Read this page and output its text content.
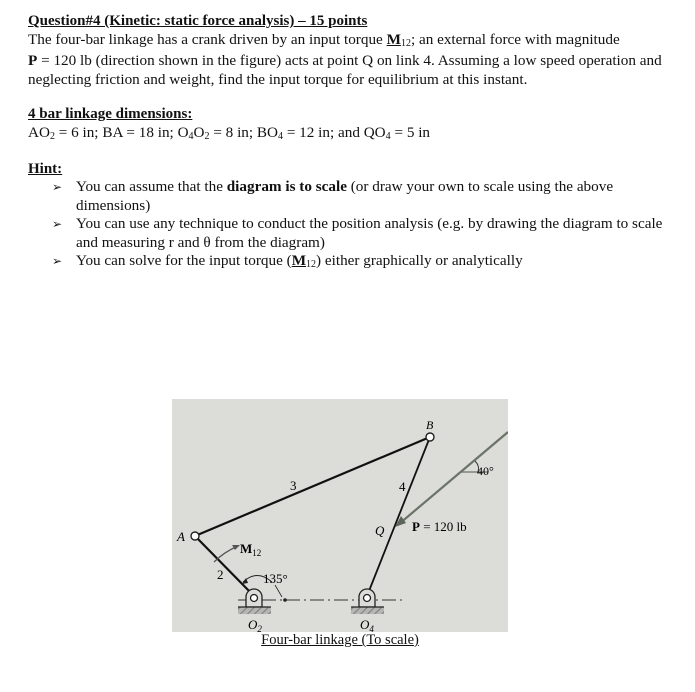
Question#4 (Kinetic: static force analysis) – 15 points

The four-bar linkage has a crank driven by an input torque $M_{12}$; an external force with magnitude
P = 120 lb (direction shown in the figure) acts at point Q on link 4. Assuming a low speed operation and neglecting friction and weight, find the input torque for equilibrium at this instant.

4 bar linkage dimensions:
$AO_2 = 6$ in; BA = 18 in; $O_4O_2 = 8$ in; $BO_4 = 12$ in; and $QO_4 = 5$ in
Hint:
➢ You can assume that the diagram is to scale (or draw your own to scale using the above dimensions)
➢ You can use any technique to conduct the position analysis (e.g. by drawing the diagram to scale and measuring r and θ from the diagram)
➢ You can solve for the input torque $(M_{12})$ either graphically or analytically
A
B
Q
3	4
2
$M_{12}$
135°
40°
P = 120 lb
$O_2$	$O_4$
Four-bar linkage (To scale)
